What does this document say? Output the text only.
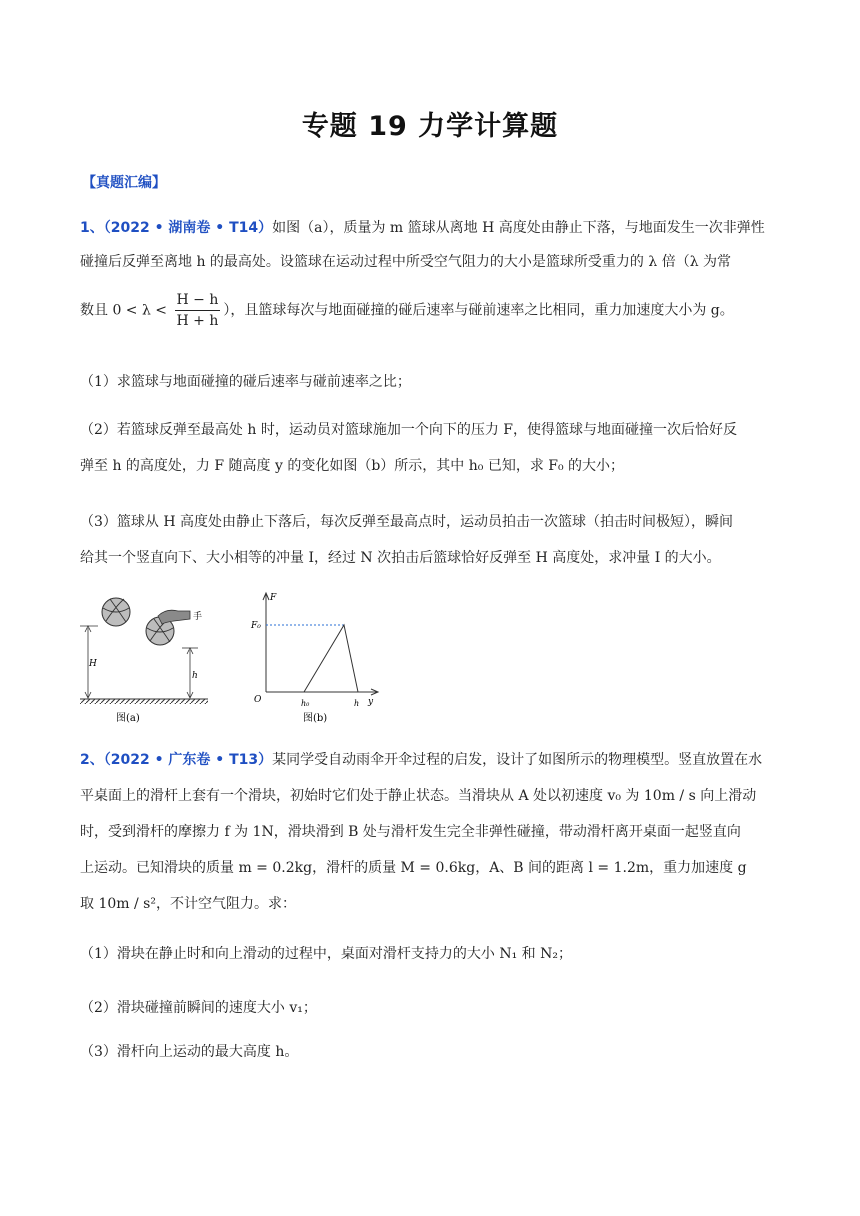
专题 19 力学计算题
【真题汇编】
1、（2022 • 湖南卷 • T14）如图（a），质量为 m 篮球从离地 H 高度处由静止下落，与地面发生一次非弹性
碰撞后反弹至离地 h 的最高处。设篮球在运动过程中所受空气阻力的大小是篮球所受重力的 λ 倍（λ 为常
数且 $0 < \lambda < \frac{H - h}{H + h}$ ），且篮球每次与地面碰撞的碰后速率与碰前速率之比相同，重力加速度大小为 g。
（1）求篮球与地面碰撞的碰后速率与碰前速率之比；
（2）若篮球反弹至最高处 h 时，运动员对篮球施加一个向下的压力 F，使得篮球与地面碰撞一次后恰好反
弹至 h 的高度处，力 F 随高度 y 的变化如图（b）所示，其中 h₀ 已知，求 F₀ 的大小；
（3）篮球从 H 高度处由静止下落后，每次反弹至最高点时，运动员拍击一次篮球（拍击时间极短），瞬间
给其一个竖直向下、大小相等的冲量 I，经过 N 次拍击后篮球恰好反弹至 H 高度处，求冲量 I 的大小。
手
H
h
图(a)
F
F₀
O	h₀	h y
图(b)
2、（2022 • 广东卷 • T13）某同学受自动雨伞开伞过程的启发，设计了如图所示的物理模型。竖直放置在水
平桌面上的滑杆上套有一个滑块，初始时它们处于静止状态。当滑块从 A 处以初速度 v₀ 为 10m / s 向上滑动
时，受到滑杆的摩擦力 f 为 1N，滑块滑到 B 处与滑杆发生完全非弹性碰撞，带动滑杆离开桌面一起竖直向
上运动。已知滑块的质量 m = 0.2kg，滑杆的质量 M = 0.6kg，A、B 间的距离 l = 1.2m，重力加速度 g
取 10m / s²，不计空气阻力。求：
（1）滑块在静止时和向上滑动的过程中，桌面对滑杆支持力的大小 N₁ 和 N₂；
（2）滑块碰撞前瞬间的速度大小 v₁；
（3）滑杆向上运动的最大高度 h。
